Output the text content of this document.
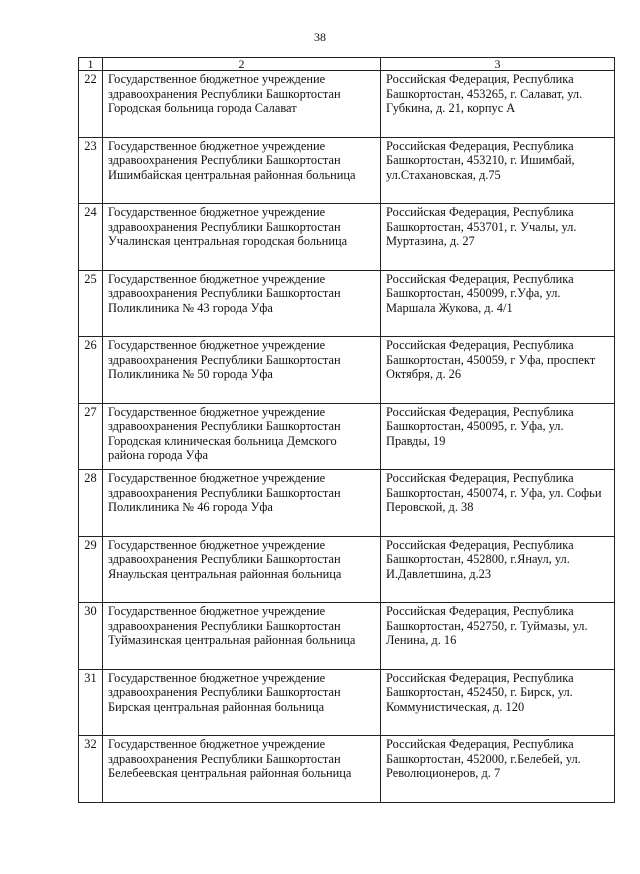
38
1	2	3
22	Государственное бюджетное учреждение здравоохранения Республики Башкортостан Городская больница города Салават	Российская Федерация, Республика Башкортостан, 453265, г. Салават, ул. Губкина, д. 21, корпус А
23	Государственное бюджетное учреждение здравоохранения Республики Башкортостан Ишимбайская центральная районная больница	Российская Федерация, Республика Башкортостан, 453210, г. Ишимбай, ул.Стахановская, д.75
24	Государственное бюджетное учреждение здравоохранения Республики Башкортостан Учалинская центральная городская больница	Российская Федерация, Республика Башкортостан, 453701, г. Учалы, ул. Муртазина, д. 27
25	Государственное бюджетное учреждение здравоохранения Республики Башкортостан Поликлиника № 43 города Уфа	Российская Федерация, Республика Башкортостан, 450099, г.Уфа, ул. Маршала Жукова, д. 4/1
26	Государственное бюджетное учреждение здравоохранения Республики Башкортостан Поликлиника № 50 города Уфа	Российская Федерация, Республика Башкортостан, 450059, г Уфа, проспект Октября, д. 26
27	Государственное бюджетное учреждение здравоохранения Республики Башкортостан Городская клиническая больница Демского района города Уфа	Российская Федерация, Республика Башкортостан, 450095, г. Уфа, ул. Правды, 19
28	Государственное бюджетное учреждение здравоохранения Республики Башкортостан Поликлиника № 46 города Уфа	Российская Федерация, Республика Башкортостан, 450074, г. Уфа, ул. Софьи Перовской, д. 38
29	Государственное бюджетное учреждение здравоохранения Республики Башкортостан Янаульская центральная районная больница	Российская Федерация, Республика Башкортостан, 452800, г.Янаул, ул. И.Давлетшина, д.23
30	Государственное бюджетное учреждение здравоохранения Республики Башкортостан Туймазинская центральная районная больница	Российская Федерация, Республика Башкортостан, 452750, г. Туймазы, ул. Ленина, д. 16
31	Государственное бюджетное учреждение здравоохранения Республики Башкортостан Бирская центральная районная больница	Российская Федерация, Республика Башкортостан, 452450, г. Бирск, ул. Коммунистическая, д. 120
32	Государственное бюджетное учреждение здравоохранения Республики Башкортостан Белебеевская центральная районная больница	Российская Федерация, Республика Башкортостан, 452000, г.Белебей, ул. Революционеров, д. 7
